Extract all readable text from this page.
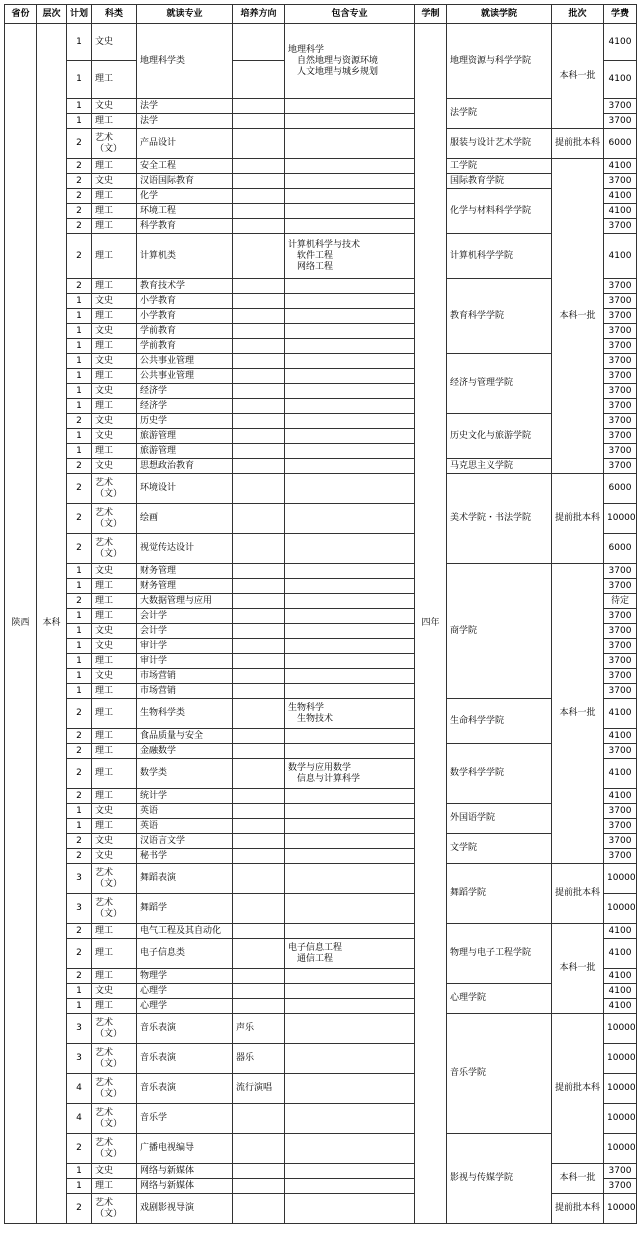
省份	层次	计划	科类	就读专业	培养方向	包含专业	学制	就读学院	批次	学费
陕西	本科	1	文史	地理科学类		地理科学
　自然地理与资源环境
　人文地理与城乡规划	四年	地理资源与科学学院	本科一批	4100
		1	理工							4100
		1	文史	法学				法学院		3700
		1	理工	法学						3700
		2	艺术（文）	产品设计				服装与设计艺术学院	提前批本科	6000
		2	理工	安全工程				工学院	本科一批	4100
		2	文史	汉语国际教育				国际教育学院		3700
		2	理工	化学				化学与材料科学学院		4100
		2	理工	环境工程						4100
		2	理工	科学教育						3700
		2	理工	计算机类		计算机科学与技术
　软件工程
　网络工程		计算机科学学院		4100
		2	理工	教育技术学				教育科学学院		3700
		1	文史	小学教育						3700
		1	理工	小学教育						3700
		1	文史	学前教育						3700
		1	理工	学前教育						3700
		1	文史	公共事业管理				经济与管理学院		3700
		1	理工	公共事业管理						3700
		1	文史	经济学						3700
		1	理工	经济学						3700
		2	文史	历史学				历史文化与旅游学院		3700
		1	文史	旅游管理						3700
		1	理工	旅游管理						3700
		2	文史	思想政治教育				马克思主义学院		3700
		2	艺术（文）	环境设计				美术学院・书法学院	提前批本科	6000
		2	艺术（文）	绘画						10000
		2	艺术（文）	视觉传达设计						6000
		1	文史	财务管理				商学院	本科一批	3700
		1	理工	财务管理						3700
		2	理工	大数据管理与应用						待定
		1	理工	会计学						3700
		1	文史	会计学						3700
		1	文史	审计学						3700
		1	理工	审计学						3700
		1	文史	市场营销						3700
		1	理工	市场营销						3700
		2	理工	生物科学类		生物科学
　生物技术		生命科学学院		4100
		2	理工	食品质量与安全						4100
		2	理工	金融数学				数学科学学院		3700
		2	理工	数学类		数学与应用数学
　信息与计算科学				4100
		2	理工	统计学						4100
		1	文史	英语				外国语学院		3700
		1	理工	英语						3700
		2	文史	汉语言文学				文学院		3700
		2	文史	秘书学						3700
		3	艺术（文）	舞蹈表演				舞蹈学院	提前批本科	10000
		3	艺术（文）	舞蹈学						10000
		2	理工	电气工程及其自动化				物理与电子工程学院	本科一批	4100
		2	理工	电子信息类		电子信息工程
　通信工程				4100
		2	理工	物理学						4100
		1	文史	心理学				心理学院		4100
		1	理工	心理学						4100
		3	艺术（文）	音乐表演	声乐			音乐学院	提前批本科	10000
		3	艺术（文）	音乐表演	器乐					10000
		4	艺术（文）	音乐表演	流行演唱					10000
		4	艺术（文）	音乐学						10000
		2	艺术（文）	广播电视编导				影视与传媒学院		10000
		1	文史	网络与新媒体					本科一批	3700
		1	理工	网络与新媒体						3700
		2	艺术（文）	戏剧影视导演					提前批本科	10000
